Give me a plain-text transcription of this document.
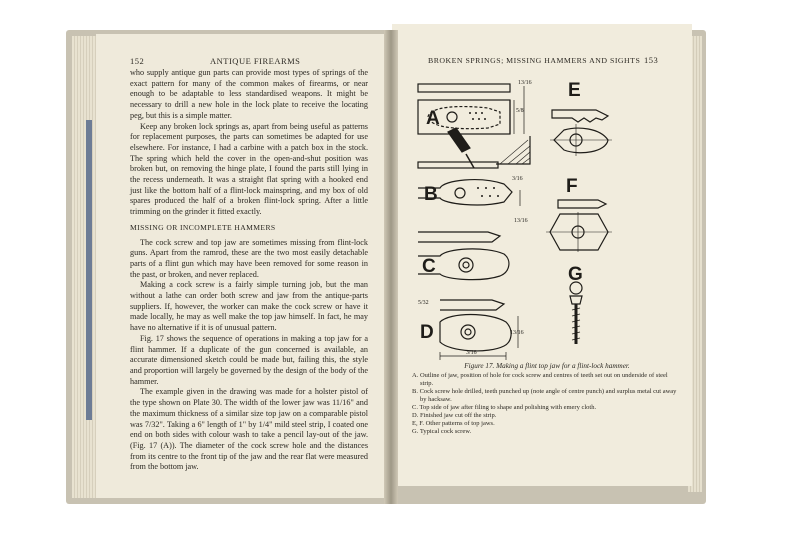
152	ANTIQUE FIREARMS

who supply antique gun parts can provide most types of springs of the exact pattern for many of the common makes of firearms, or near enough to be adaptable to less standardised weapons. It might be necessary to drill a new hole in the lock plate to receive the locating peg, but this is a simple matter.

Keep any broken lock springs as, apart from being useful as patterns for replacement purposes, the parts can sometimes be adapted for use elsewhere. For instance, I had a carbine with a patch box in the stock. The spring which held the cover in the open-and-shut position was broken but, on removing the hinge plate, I found the parts still lying in the recess underneath. It was a straight flat spring with a hooked end just like the bottom half of a flint-lock mainspring, and my box of old spares produced the half of a broken flint-lock spring. After a little trimming on the grinder it fitted exactly.

MISSING OR INCOMPLETE HAMMERS

The cock screw and top jaw are sometimes missing from flint-lock guns. Apart from the ramrod, these are the two most easily detachable parts of a flint gun which may have been removed for some reason in the past, or broken, and never replaced.

Making a cock screw is a fairly simple turning job, but the man without a lathe can order both screw and jaw from the antique-parts suppliers. If, however, the worker can make the cock screw or have it made locally, he may as well make the top jaw himself. In fact, he may have no alternative if it is of unusual pattern.

Fig. 17 shows the sequence of operations in making a top jaw for a flint hammer. If a duplicate of the gun concerned is available, an accurate dimensioned sketch could be made but, failing this, the style and proportion will largely be governed by the design of the body of the hammer.

The example given in the drawing was made for a holster pistol of the type shown on Plate 30. The width of the lower jaw was 11/16" and the maximum thickness of a similar size top jaw on a comparable pistol was 7/32". Taking a 6" length of 1" by 1/4" mild steel strip, I coated one end on both sides with colour wash to take a pencil lay-out of the jaw. (Fig. 17 (A)). The diameter of the cock screw hole and the distances from its centre to the front tip of the jaw and the rear flat were measured from the bottom jaw.

BROKEN SPRINGS; MISSING HAMMERS AND SIGHTS 153
A
B
C
D
E
F
G
13/16
5/8
3/16
13/16
5/32
13/16
3/16
Figure 17. Making a flint top jaw for a flint-lock hammer.
A. Outline of jaw, position of hole for cock screw and centres of teeth set out on underside of steel strip.
B. Cock screw hole drilled, teeth punched up (note angle of centre punch) and surplus metal cut away by hacksaw.
C. Top side of jaw after filing to shape and polishing with emery cloth.
D. Finished jaw cut off the strip.
E, F. Other patterns of top jaws.
G. Typical cock screw.
